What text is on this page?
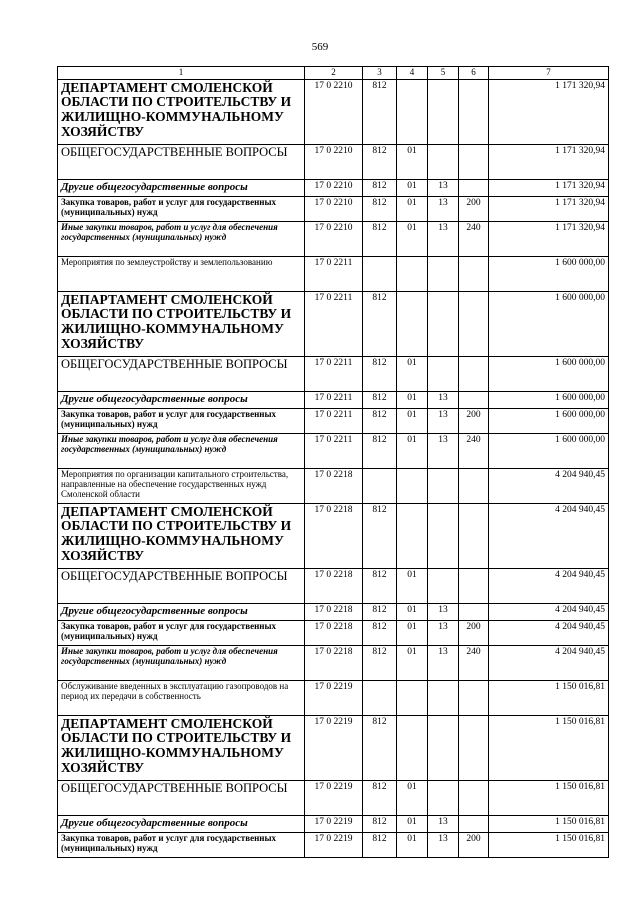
569
1	2	3	4	5	6	7
ДЕПАРТАМЕНТ СМОЛЕНСКОЙ ОБЛАСТИ ПО СТРОИТЕЛЬСТВУ И ЖИЛИЩНО-КОММУНАЛЬНОМУ ХОЗЯЙСТВУ	17 0 2210	812				1 171 320,94
ОБЩЕГОСУДАРСТВЕННЫЕ ВОПРОСЫ	17 0 2210	812	01			1 171 320,94
Другие общегосударственные вопросы	17 0 2210	812	01	13		1 171 320,94
Закупка товаров, работ и услуг для государственных (муниципальных) нужд	17 0 2210	812	01	13	200	1 171 320,94
Иные закупки товаров, работ и услуг для обеспечения государственных (муниципальных) нужд	17 0 2210	812	01	13	240	1 171 320,94
Мероприятия по землеустройству и землепользованию	17 0 2211					1 600 000,00
ДЕПАРТАМЕНТ СМОЛЕНСКОЙ ОБЛАСТИ ПО СТРОИТЕЛЬСТВУ И ЖИЛИЩНО-КОММУНАЛЬНОМУ ХОЗЯЙСТВУ	17 0 2211	812				1 600 000,00
ОБЩЕГОСУДАРСТВЕННЫЕ ВОПРОСЫ	17 0 2211	812	01			1 600 000,00
Другие общегосударственные вопросы	17 0 2211	812	01	13		1 600 000,00
Закупка товаров, работ и услуг для государственных (муниципальных) нужд	17 0 2211	812	01	13	200	1 600 000,00
Иные закупки товаров, работ и услуг для обеспечения государственных (муниципальных) нужд	17 0 2211	812	01	13	240	1 600 000,00
Мероприятия по организации капитального строительства, направленные на обеспечение государственных нужд Смоленской области	17 0 2218					4 204 940,45
ДЕПАРТАМЕНТ СМОЛЕНСКОЙ ОБЛАСТИ ПО СТРОИТЕЛЬСТВУ И ЖИЛИЩНО-КОММУНАЛЬНОМУ ХОЗЯЙСТВУ	17 0 2218	812				4 204 940,45
ОБЩЕГОСУДАРСТВЕННЫЕ ВОПРОСЫ	17 0 2218	812	01			4 204 940,45
Другие общегосударственные вопросы	17 0 2218	812	01	13		4 204 940,45
Закупка товаров, работ и услуг для государственных (муниципальных) нужд	17 0 2218	812	01	13	200	4 204 940,45
Иные закупки товаров, работ и услуг для обеспечения государственных (муниципальных) нужд	17 0 2218	812	01	13	240	4 204 940,45
Обслуживание введенных в эксплуатацию газопроводов на период их передачи в собственность	17 0 2219					1 150 016,81
ДЕПАРТАМЕНТ СМОЛЕНСКОЙ ОБЛАСТИ ПО СТРОИТЕЛЬСТВУ И ЖИЛИЩНО-КОММУНАЛЬНОМУ ХОЗЯЙСТВУ	17 0 2219	812				1 150 016,81
ОБЩЕГОСУДАРСТВЕННЫЕ ВОПРОСЫ	17 0 2219	812	01			1 150 016,81
Другие общегосударственные вопросы	17 0 2219	812	01	13		1 150 016,81
Закупка товаров, работ и услуг для государственных (муниципальных) нужд	17 0 2219	812	01	13	200	1 150 016,81
